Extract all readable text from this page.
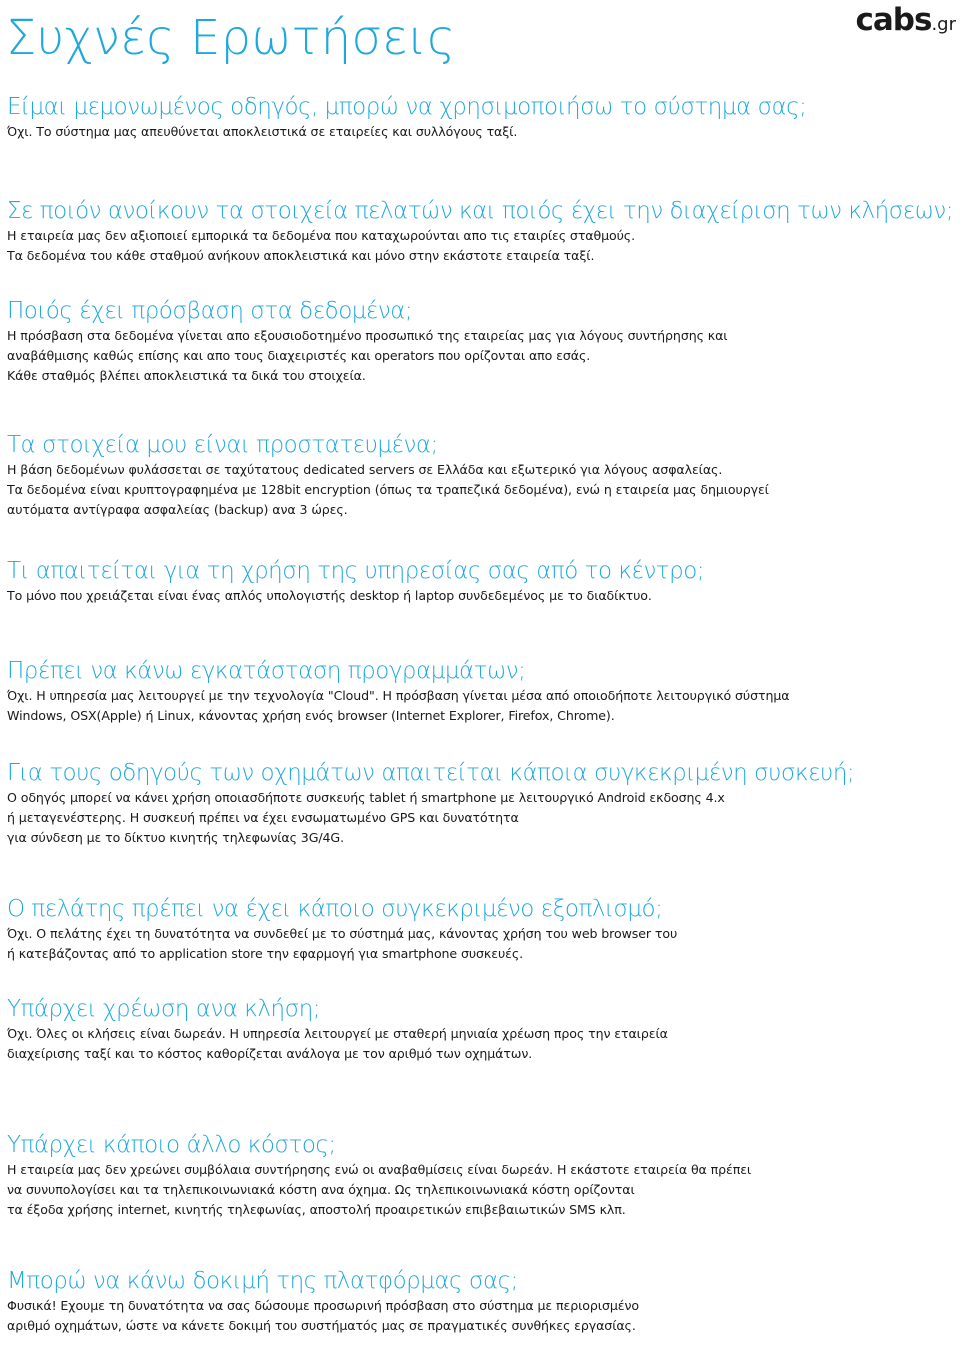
Συχνές Ερωτήσεις	cabs.gr
Είμαι μεμονωμένος οδηγός, μπορώ να χρησιμοποιήσω το σύστημα σας;

Όχι. Το σύστημα μας απευθύνεται αποκλειστικά σε εταιρείες και συλλόγους ταξί.

Σε ποιόν ανοίκουν τα στοιχεία πελατών και ποιός έχει την διαχείριση των κλήσεων;

Η εταιρεία μας δεν αξιοποιεί εμπορικά τα δεδομένα που καταχωρούνται απο τις εταιρίες σταθμούς.

Τα δεδομένα του κάθε σταθμού ανήκουν αποκλειστικά και μόνο στην εκάστοτε εταιρεία ταξί.

Ποιός έχει πρόσβαση στα δεδομένα;

Η πρόσβαση στα δεδομένα γίνεται απο εξουσιοδοτημένο προσωπικό της εταιρείας μας για λόγους συντήρησης και

αναβάθμισης καθώς επίσης και απο τους διαχειριστές και operators που ορίζονται απο εσάς.

Κάθε σταθμός βλέπει αποκλειστικά τα δικά του στοιχεία.

Τα στοιχεία μου είναι προστατευμένα;

Η βάση δεδομένων φυλάσσεται σε ταχύτατους dedicated servers σε Ελλάδα και εξωτερικό για λόγους ασφαλείας.

Τα δεδομένα είναι κρυπτογραφημένα με 128bit encryption (όπως τα τραπεζικά δεδομένα), ενώ η εταιρεία μας δημιουργεί

αυτόματα αντίγραφα ασφαλείας (backup) ανα 3 ώρες.

Τι απαιτείται για τη χρήση της υπηρεσίας σας από το κέντρο;

Το μόνο που χρειάζεται είναι ένας απλός υπολογιστής desktop ή laptop συνδεδεμένος με το διαδίκτυο.

Πρέπει να κάνω εγκατάσταση προγραμμάτων;

Όχι. Η υπηρεσία μας λειτουργεί με την τεχνολογία "Cloud". Η πρόσβαση γίνεται μέσα από οποιοδήποτε λειτουργικό σύστημα

Windows, OSX(Apple) ή Linux, κάνοντας χρήση ενός browser (Internet Explorer, Firefox, Chrome).

Για τους οδηγούς των οχημάτων απαιτείται κάποια συγκεκριμένη συσκευή;

Ο οδηγός μπορεί να κάνει χρήση οποιασδήποτε συσκευής tablet ή smartphone με λειτουργικό Android εκδοσης 4.x

ή μεταγενέστερης. Η συσκευή πρέπει να έχει ενσωματωμένο GPS και δυνατότητα

για σύνδεση με το δίκτυο κινητής τηλεφωνίας 3G/4G.

Ο πελάτης πρέπει να έχει κάποιο συγκεκριμένο εξοπλισμό;

Όχι. Ο πελάτης έχει τη δυνατότητα να συνδεθεί με το σύστημά μας, κάνοντας χρήση του web browser του

ή κατεβάζοντας από το application store την εφαρμογή για smartphone συσκευές.

Υπάρχει χρέωση ανα κλήση;

Όχι. Όλες οι κλήσεις είναι δωρεάν. Η υπηρεσία λειτουργεί με σταθερή μηνιαία χρέωση προς την εταιρεία

διαχείρισης ταξί και το κόστος καθορίζεται ανάλογα με τον αριθμό των οχημάτων.

Υπάρχει κάποιο άλλο κόστος;

Η εταιρεία μας δεν χρεώνει συμβόλαια συντήρησης ενώ οι αναβαθμίσεις είναι δωρεάν. Η εκάστοτε εταιρεία θα πρέπει

να συνυπολογίσει και τα τηλεπικοινωνιακά κόστη ανα όχημα. Ως τηλεπικοινωνιακά κόστη ορίζονται

τα έξοδα χρήσης internet, κινητής τηλεφωνίας, αποστολή προαιρετικών επιβεβαιωτικών SMS κλπ.

Μπορώ να κάνω δοκιμή της πλατφόρμας σας;

Φυσικά! Εχουμε τη δυνατότητα να σας δώσουμε προσωρινή πρόσβαση στο σύστημα με περιορισμένο

αριθμό οχημάτων, ώστε να κάνετε δοκιμή του συστήματός μας σε πραγματικές συνθήκες εργασίας.
